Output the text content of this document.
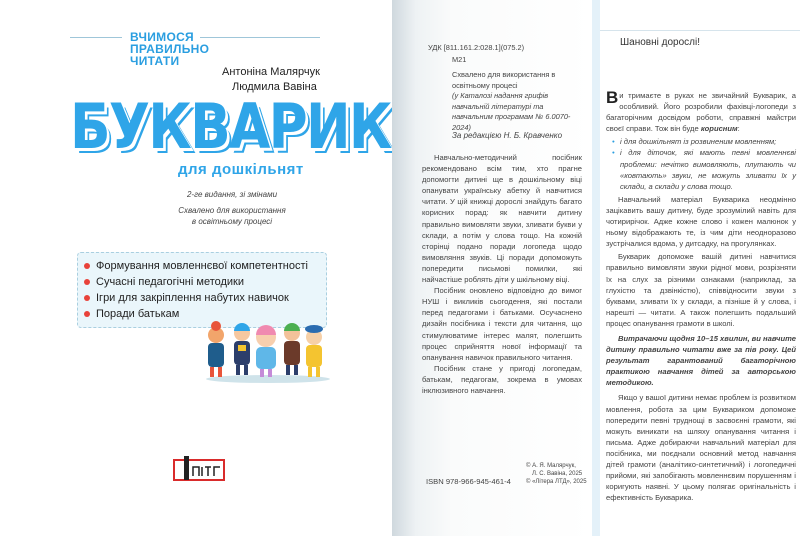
ВЧИМОСЯ
ПРАВИЛЬНО
ЧИТАТИ
Антоніна Малярчук
Людмила Вавіна
БУКВАРИК
для дошкільнят
2-ге видання, зі змінами
Схвалено для використання
в освітньому процесі
Формування мовленнєвої компетентності
Сучасні педагогічні методики
Ігри для закріплення набутих навичок
Поради батькам
УДК [811.161.2:028.1](075.2)
М21
Схвалено для використання в освітньому процесі
(у Каталозі надання грифів навчальній літературі та навчальним програмам № 6.0070-2024)
За редакцією Н. Б. Кравченко

Навчально-методичний посібник рекомендовано всім тим, хто прагне допомогти дитині ще в дошкільному віці опанувати українську абетку й навчитися читати. У цій книжці дорослі знайдуть багато корисних порад: як навчити дитину правильно вимовляти звуки, зливати букви у склади, а потім у слова тощо. На кожній сторінці подано поради логопеда щодо вимовляння звуків. Ці поради допоможуть попередити письмові помилки, які найчастіше роблять діти у шкільному віці.

Посібник оновлено відповідно до вимог НУШ і викликів сьогодення, які постали перед педагогами і батьками. Осучаснено дизайн посібника і тексти для читання, що стимулюватиме інтерес малят, полегшить процес сприйняття нової інформації та опанування навичок правильного читання.

Посібник стане у пригоді логопедам, батькам, педагогам, зокрема в умовах інклюзивного навчання.

ISBN 978-966-945-461-4
© А. Я. Малярчук,
Л. С. Вавіна, 2025
© «Літера ЛТД», 2025
Шановні дорослі!
Ви тримаєте в руках не звичайний Букварик, а особливий. Його розробили фахівці-логопеди з багаторічним досвідом роботи, справжні майстри своєї справи. Тож він буде корисним:
• і для дошкільнят із розвиненим мовленням;
• і для діточок, які мають певні мовленнєві проблеми: нечітко вимовляють, плутають чи «ковтають» звуки, не можуть зливати їх у склади, а склади у слова тощо.

Навчальний матеріал Букварика неодмінно зацікавить вашу дитину, буде зрозумілий навіть для чотирирічок. Адже кожне слово і кожен малюнок у ньому відображають те, із чим діти неодноразово зустрічалися вдома, у дитсадку, на прогулянках.

Букварик допоможе вашій дитині навчитися правильно вимовляти звуки рідної мови, розрізняти їх на слух за різними ознаками (наприклад, за глухістю та дзвінкістю), співвідносити звуки з буквами, зливати їх у склади, а пізніше й у слова, і нарешті — читати. А також полегшить подальший процес опанування грамоти в школі.

Витрачаючи щодня 10–15 хвилин, ви навчите дитину правильно читати вже за пів року. Цей результат гарантований багаторічною практикою навчання дітей за авторською методикою.

Якщо у вашої дитини немає проблем із розвитком мовлення, робота за цим Буквариком допоможе попередити певні труднощі в засвоєнні грамоти, які можуть виникати на шляху опанування читання і письма. Адже добираючи навчальний матеріал для посібника, ми поєднали основний метод навчання дітей грамоти (аналітико-синтетичний) і логопедичні прийоми, які запобігають мовленнєвим порушенням і коригують наявні. У цьому полягає оригінальність і ефективність Букварика.
